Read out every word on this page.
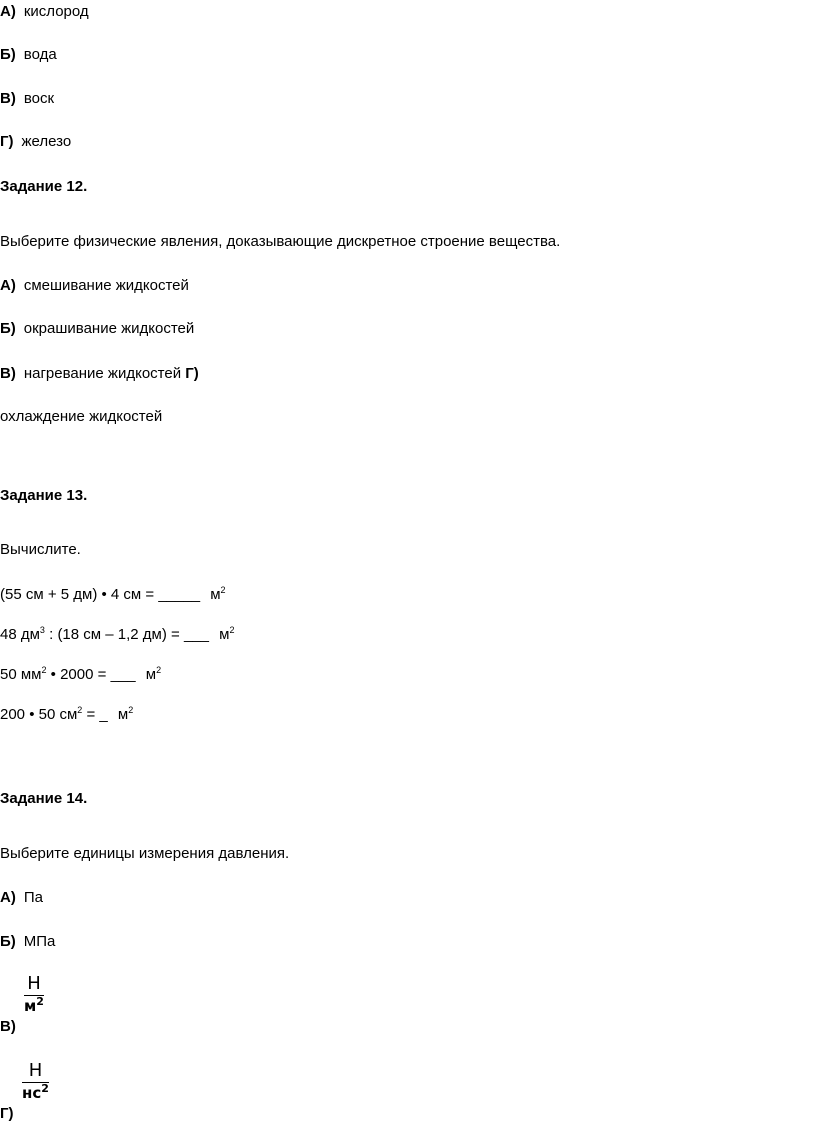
А) кислород
Б) вода
В) воск
Г) железо
Задание 12.
Выберите физические явления, доказывающие дискретное строение вещества.
А) смешивание жидкостей
Б) окрашивание жидкостей
В) нагревание жидкостей Г)
охлаждение жидкостей
Задание 13.
Вычислите.
(55 см + 5 дм) • 4 см = _____ $м^2$
48 $дм^3$ : (18 см – 1,2 дм) = ___ $м^2$
50 $мм^2$ • 2000 = ___ $м^2$
200 • 50 $см^2$ = _ $м^2$
Задание 14.
Выберите единицы измерения давления.
А) Па
Б) МПа
Н
$м^2$
В)
Н
$нс^2$
Г)
